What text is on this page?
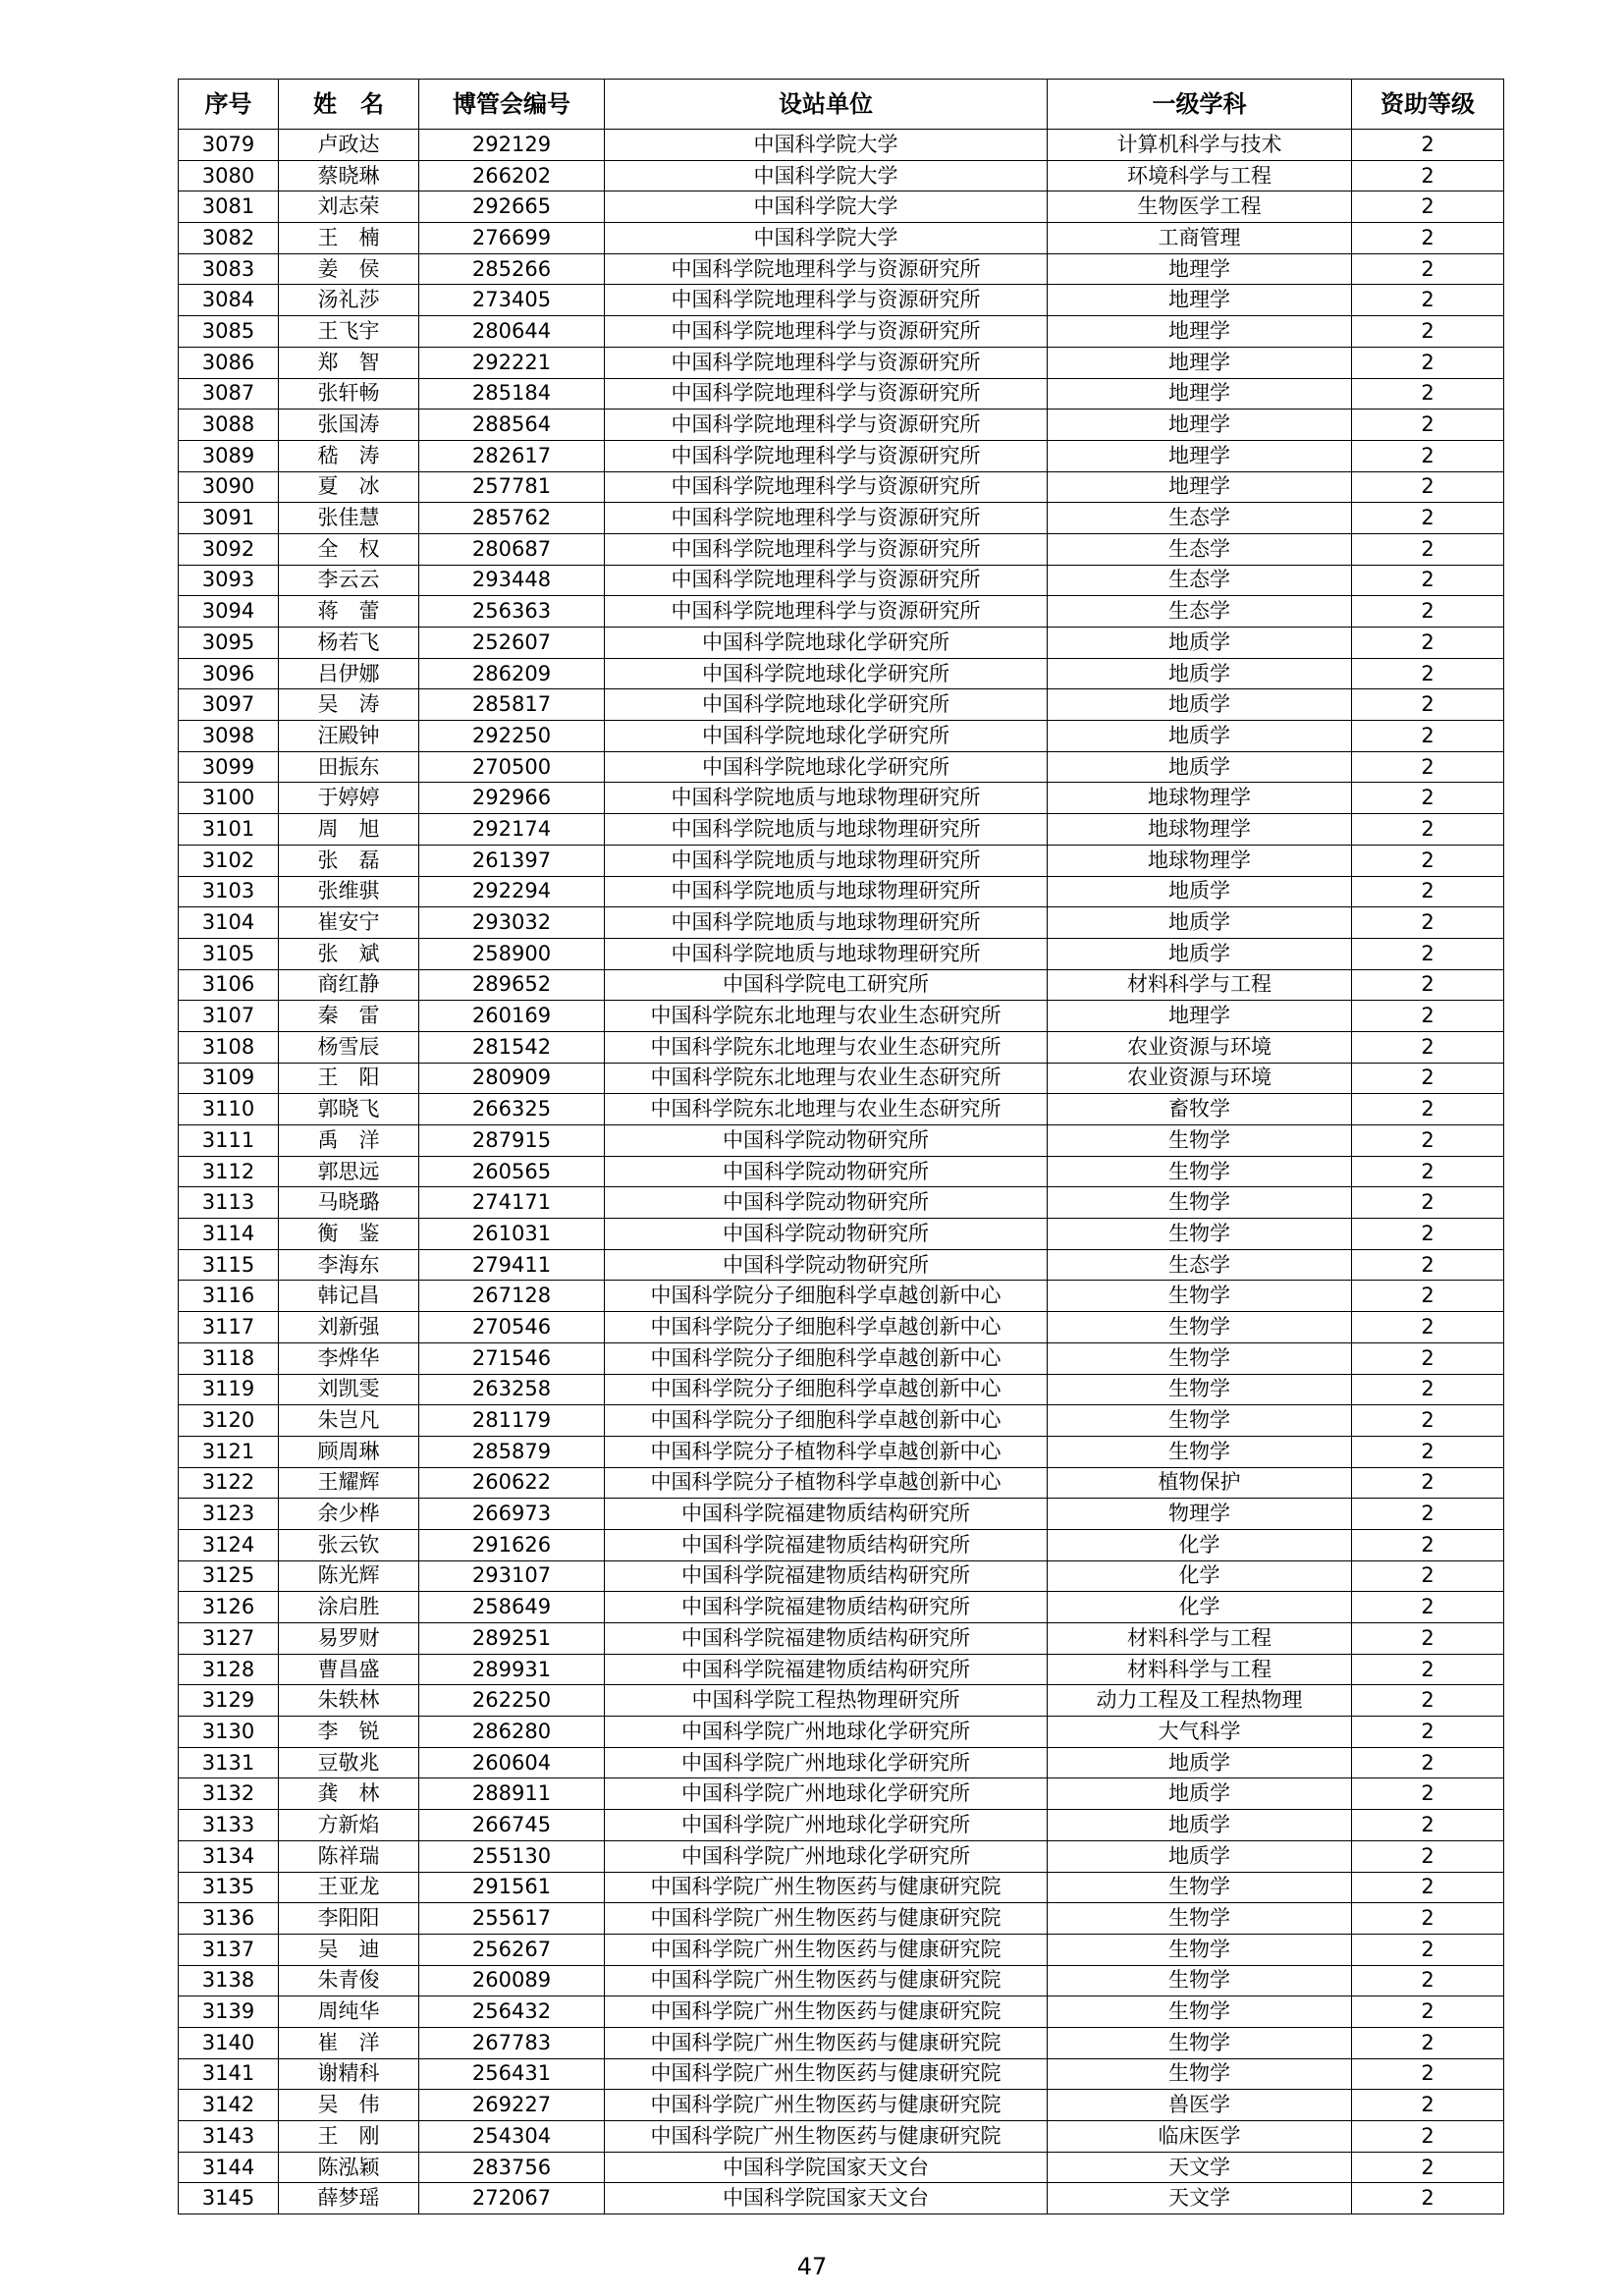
序号	姓　名	博管会编号	设站单位	一级学科	资助等级
3079	卢政达	292129	中国科学院大学	计算机科学与技术	2
3080	蔡晓琳	266202	中国科学院大学	环境科学与工程	2
3081	刘志荣	292665	中国科学院大学	生物医学工程	2
3082	王　楠	276699	中国科学院大学	工商管理	2
3083	姜　侯	285266	中国科学院地理科学与资源研究所	地理学	2
3084	汤礼莎	273405	中国科学院地理科学与资源研究所	地理学	2
3085	王飞宇	280644	中国科学院地理科学与资源研究所	地理学	2
3086	郑　智	292221	中国科学院地理科学与资源研究所	地理学	2
3087	张轩畅	285184	中国科学院地理科学与资源研究所	地理学	2
3088	张国涛	288564	中国科学院地理科学与资源研究所	地理学	2
3089	嵇　涛	282617	中国科学院地理科学与资源研究所	地理学	2
3090	夏　冰	257781	中国科学院地理科学与资源研究所	地理学	2
3091	张佳慧	285762	中国科学院地理科学与资源研究所	生态学	2
3092	全　权	280687	中国科学院地理科学与资源研究所	生态学	2
3093	李云云	293448	中国科学院地理科学与资源研究所	生态学	2
3094	蒋　蕾	256363	中国科学院地理科学与资源研究所	生态学	2
3095	杨若飞	252607	中国科学院地球化学研究所	地质学	2
3096	吕伊娜	286209	中国科学院地球化学研究所	地质学	2
3097	吴　涛	285817	中国科学院地球化学研究所	地质学	2
3098	汪殿钟	292250	中国科学院地球化学研究所	地质学	2
3099	田振东	270500	中国科学院地球化学研究所	地质学	2
3100	于婷婷	292966	中国科学院地质与地球物理研究所	地球物理学	2
3101	周　旭	292174	中国科学院地质与地球物理研究所	地球物理学	2
3102	张　磊	261397	中国科学院地质与地球物理研究所	地球物理学	2
3103	张维骐	292294	中国科学院地质与地球物理研究所	地质学	2
3104	崔安宁	293032	中国科学院地质与地球物理研究所	地质学	2
3105	张　斌	258900	中国科学院地质与地球物理研究所	地质学	2
3106	商红静	289652	中国科学院电工研究所	材料科学与工程	2
3107	秦　雷	260169	中国科学院东北地理与农业生态研究所	地理学	2
3108	杨雪辰	281542	中国科学院东北地理与农业生态研究所	农业资源与环境	2
3109	王　阳	280909	中国科学院东北地理与农业生态研究所	农业资源与环境	2
3110	郭晓飞	266325	中国科学院东北地理与农业生态研究所	畜牧学	2
3111	禹　洋	287915	中国科学院动物研究所	生物学	2
3112	郭思远	260565	中国科学院动物研究所	生物学	2
3113	马晓璐	274171	中国科学院动物研究所	生物学	2
3114	衡　鉴	261031	中国科学院动物研究所	生物学	2
3115	李海东	279411	中国科学院动物研究所	生态学	2
3116	韩记昌	267128	中国科学院分子细胞科学卓越创新中心	生物学	2
3117	刘新强	270546	中国科学院分子细胞科学卓越创新中心	生物学	2
3118	李烨华	271546	中国科学院分子细胞科学卓越创新中心	生物学	2
3119	刘凯雯	263258	中国科学院分子细胞科学卓越创新中心	生物学	2
3120	朱岂凡	281179	中国科学院分子细胞科学卓越创新中心	生物学	2
3121	顾周琳	285879	中国科学院分子植物科学卓越创新中心	生物学	2
3122	王耀辉	260622	中国科学院分子植物科学卓越创新中心	植物保护	2
3123	余少桦	266973	中国科学院福建物质结构研究所	物理学	2
3124	张云钦	291626	中国科学院福建物质结构研究所	化学	2
3125	陈光辉	293107	中国科学院福建物质结构研究所	化学	2
3126	涂启胜	258649	中国科学院福建物质结构研究所	化学	2
3127	易罗财	289251	中国科学院福建物质结构研究所	材料科学与工程	2
3128	曹昌盛	289931	中国科学院福建物质结构研究所	材料科学与工程	2
3129	朱轶林	262250	中国科学院工程热物理研究所	动力工程及工程热物理	2
3130	李　锐	286280	中国科学院广州地球化学研究所	大气科学	2
3131	豆敬兆	260604	中国科学院广州地球化学研究所	地质学	2
3132	龚　林	288911	中国科学院广州地球化学研究所	地质学	2
3133	方新焰	266745	中国科学院广州地球化学研究所	地质学	2
3134	陈祥瑞	255130	中国科学院广州地球化学研究所	地质学	2
3135	王亚龙	291561	中国科学院广州生物医药与健康研究院	生物学	2
3136	李阳阳	255617	中国科学院广州生物医药与健康研究院	生物学	2
3137	吴　迪	256267	中国科学院广州生物医药与健康研究院	生物学	2
3138	朱青俊	260089	中国科学院广州生物医药与健康研究院	生物学	2
3139	周纯华	256432	中国科学院广州生物医药与健康研究院	生物学	2
3140	崔　洋	267783	中国科学院广州生物医药与健康研究院	生物学	2
3141	谢精科	256431	中国科学院广州生物医药与健康研究院	生物学	2
3142	吴　伟	269227	中国科学院广州生物医药与健康研究院	兽医学	2
3143	王　刚	254304	中国科学院广州生物医药与健康研究院	临床医学	2
3144	陈泓颖	283756	中国科学院国家天文台	天文学	2
3145	薛梦瑶	272067	中国科学院国家天文台	天文学	2
47
